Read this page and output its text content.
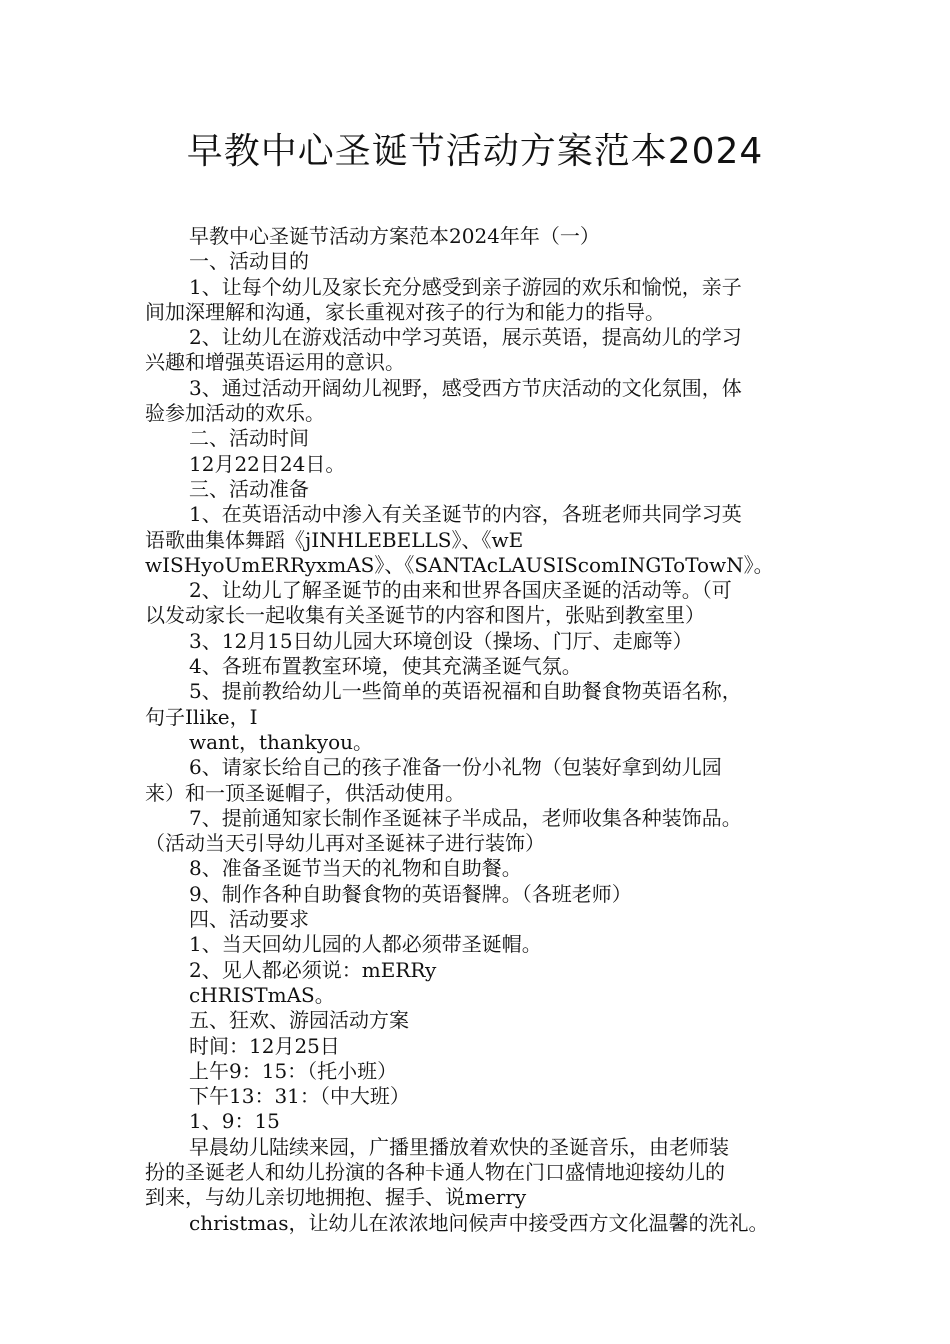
早教中心圣诞节活动方案范本2024

早教中心圣诞节活动方案范本2024年年（一）

一、活动目的

1、让每个幼儿及家长充分感受到亲子游园的欢乐和愉悦，亲子

间加深理解和沟通，家长重视对孩子的行为和能力的指导。

2、让幼儿在游戏活动中学习英语，展示英语，提高幼儿的学习

兴趣和增强英语运用的意识。

3、通过活动开阔幼儿视野，感受西方节庆活动的文化氛围，体

验参加活动的欢乐。

二、活动时间

12月22日24日。

三、活动准备

1、在英语活动中渗入有关圣诞节的内容，各班老师共同学习英

语歌曲集体舞蹈《jINHLEBELLS》、《wE

wISHyoUmERRyxmAS》、《SANTAcLAUSIScomINGToTowN》。

2、让幼儿了解圣诞节的由来和世界各国庆圣诞的活动等。（可

以发动家长一起收集有关圣诞节的内容和图片，张贴到教室里）

3、12月15日幼儿园大环境创设（操场、门厅、走廊等）

4、各班布置教室环境，使其充满圣诞气氛。

5、提前教给幼儿一些简单的英语祝福和自助餐食物英语名称，

句子Ilike，I

want，thankyou。

6、请家长给自己的孩子准备一份小礼物（包装好拿到幼儿园

来）和一顶圣诞帽子，供活动使用。

7、提前通知家长制作圣诞袜子半成品，老师收集各种装饰品。

（活动当天引导幼儿再对圣诞袜子进行装饰）

8、准备圣诞节当天的礼物和自助餐。

9、制作各种自助餐食物的英语餐牌。（各班老师）

四、活动要求

1、当天回幼儿园的人都必须带圣诞帽。

2、见人都必须说：mERRy

cHRISTmAS。

五、狂欢、游园活动方案

时间：12月25日

上午9：15：（托小班）

下午13：31：（中大班）

1、9：15

早晨幼儿陆续来园，广播里播放着欢快的圣诞音乐，由老师装

扮的圣诞老人和幼儿扮演的各种卡通人物在门口盛情地迎接幼儿的

到来，与幼儿亲切地拥抱、握手、说merry

christmas，让幼儿在浓浓地问候声中接受西方文化温馨的洗礼。
